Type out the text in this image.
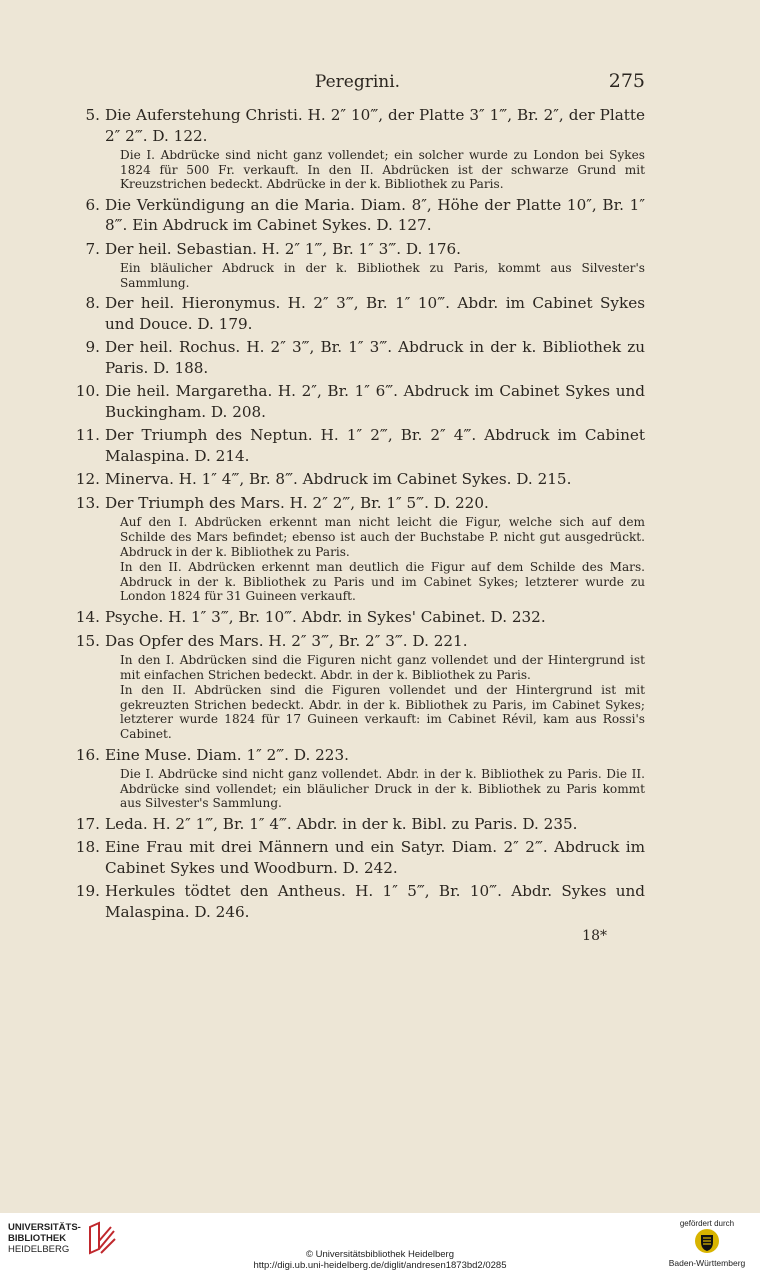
Peregrini.	275
5. Die Auferstehung Christi. H. 2″ 10‴, der Platte 3″ 1‴, Br. 2″, der Platte 2″ 2‴. D. 122.
Die I. Abdrücke sind nicht ganz vollendet; ein solcher wurde zu London bei Sykes 1824 für 500 Fr. verkauft. In den II. Abdrücken ist der schwarze Grund mit Kreuzstrichen bedeckt. Abdrücke in der k. Bibliothek zu Paris.
6. Die Verkündigung an die Maria. Diam. 8″, Höhe der Platte 10″, Br. 1″ 8‴. Ein Abdruck im Cabinet Sykes. D. 127.
7. Der heil. Sebastian. H. 2″ 1‴, Br. 1″ 3‴. D. 176.
Ein bläulicher Abdruck in der k. Bibliothek zu Paris, kommt aus Silvester's Sammlung.
8. Der heil. Hieronymus. H. 2″ 3‴, Br. 1″ 10‴. Abdr. im Cabinet Sykes und Douce. D. 179.
9. Der heil. Rochus. H. 2″ 3‴, Br. 1″ 3‴. Abdruck in der k. Bibliothek zu Paris. D. 188.
10. Die heil. Margaretha. H. 2″, Br. 1″ 6‴. Abdruck im Cabinet Sykes und Buckingham. D. 208.
11. Der Triumph des Neptun. H. 1″ 2‴, Br. 2″ 4‴. Abdruck im Cabinet Malaspina. D. 214.
12. Minerva. H. 1″ 4‴, Br. 8‴. Abdruck im Cabinet Sykes. D. 215.
13. Der Triumph des Mars. H. 2″ 2‴, Br. 1″ 5‴. D. 220.
Auf den I. Abdrücken erkennt man nicht leicht die Figur, welche sich auf dem Schilde des Mars befindet; ebenso ist auch der Buchstabe P. nicht gut ausgedrückt. Abdruck in der k. Bibliothek zu Paris.
In den II. Abdrücken erkennt man deutlich die Figur auf dem Schilde des Mars. Abdruck in der k. Bibliothek zu Paris und im Cabinet Sykes; letzterer wurde zu London 1824 für 31 Guineen verkauft.
14. Psyche. H. 1″ 3‴, Br. 10‴. Abdr. in Sykes' Cabinet. D. 232.
15. Das Opfer des Mars. H. 2″ 3‴, Br. 2″ 3‴. D. 221.
In den I. Abdrücken sind die Figuren nicht ganz vollendet und der Hintergrund ist mit einfachen Strichen bedeckt. Abdr. in der k. Bibliothek zu Paris.
In den II. Abdrücken sind die Figuren vollendet und der Hintergrund ist mit gekreuzten Strichen bedeckt. Abdr. in der k. Bibliothek zu Paris, im Cabinet Sykes; letzterer wurde 1824 für 17 Guineen verkauft: im Cabinet Révil, kam aus Rossi's Cabinet.
16. Eine Muse. Diam. 1″ 2‴. D. 223.
Die I. Abdrücke sind nicht ganz vollendet. Abdr. in der k. Bibliothek zu Paris. Die II. Abdrücke sind vollendet; ein bläulicher Druck in der k. Bibliothek zu Paris kommt aus Silvester's Sammlung.
17. Leda. H. 2″ 1‴, Br. 1″ 4‴. Abdr. in der k. Bibl. zu Paris. D. 235.
18. Eine Frau mit drei Männern und ein Satyr. Diam. 2″ 2‴. Abdruck im Cabinet Sykes und Woodburn. D. 242.
19. Herkules tödtet den Antheus. H. 1″ 5‴, Br. 10‴. Abdr. Sykes und Malaspina. D. 246.
18*
UNIVERSITÄTS-
BIBLIOTHEK
HEIDELBERG	© Universitätsbibliothek Heidelberg
http://digi.ub.uni-heidelberg.de/diglit/andresen1873bd2/0285
gefördert durch
Baden-Württemberg
